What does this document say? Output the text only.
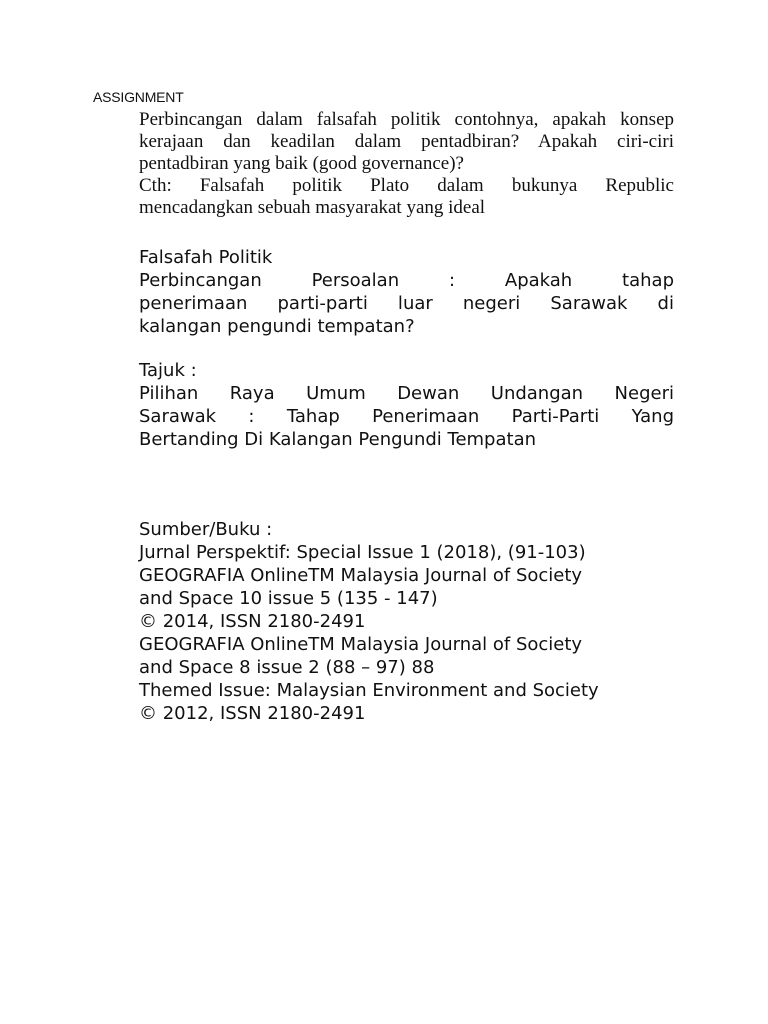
ASSIGNMENT

Perbincangan dalam falsafah politik contohnya, apakah konsep kerajaan dan keadilan dalam pentadbiran? Apakah ciri-ciri pentadbiran yang baik (good governance)?

Cth: Falsafah politik Plato dalam bukunya Republic

mencadangkan sebuah masyarakat yang ideal

Falsafah Politik

Perbincangan Persoalan : Apakah tahap

penerimaan parti-parti luar negeri Sarawak di

kalangan pengundi tempatan?

Tajuk :

Pilihan Raya Umum Dewan Undangan Negeri

Sarawak : Tahap Penerimaan Parti-Parti Yang

Bertanding Di Kalangan Pengundi Tempatan

Sumber/Buku :

Jurnal Perspektif: Special Issue 1 (2018), (91-103)

GEOGRAFIA OnlineTM Malaysia Journal of Society

and Space 10 issue 5 (135 - 147)

© 2014, ISSN 2180-2491

GEOGRAFIA OnlineTM Malaysia Journal of Society

and Space 8 issue 2 (88 – 97) 88

Themed Issue: Malaysian Environment and Society

© 2012, ISSN 2180-2491
